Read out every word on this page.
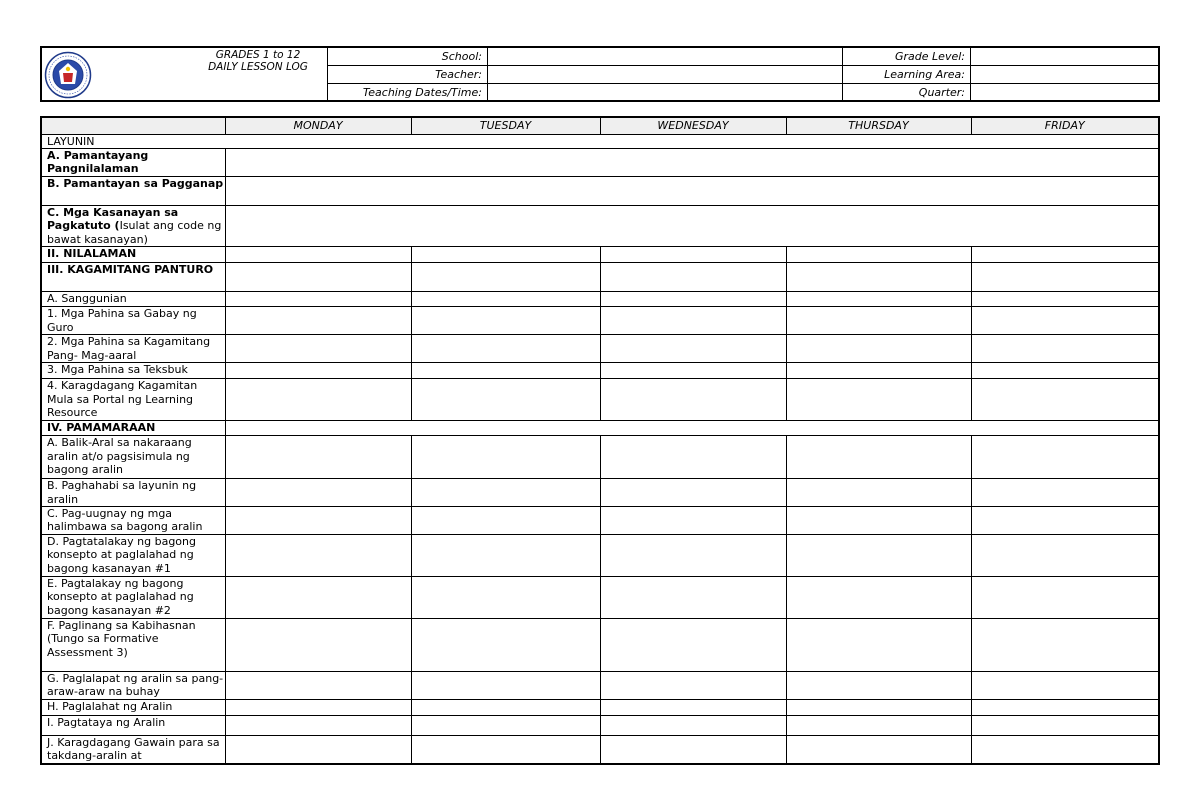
GRADES 1 to 12
DAILY LESSON LOG
School:
Teacher:
Teaching Dates/Time:
Grade Level:
Learning Area:
Quarter:
	MONDAY	TUESDAY	WEDNESDAY	THURSDAY	FRIDAY
LAYUNIN					
A. Pamantayang Pangnilalaman					
B. Pamantayan sa Pagganap					
C. Mga Kasanayan sa Pagkatuto (Isulat ang code ng bawat kasanayan)					
II. NILALAMAN					
III. KAGAMITANG PANTURO					
A. Sanggunian					
1. Mga Pahina sa Gabay ng Guro					
2. Mga Pahina sa Kagamitang Pang- Mag-aaral					
3. Mga Pahina sa Teksbuk					
4. Karagdagang Kagamitan Mula sa Portal ng Learning Resource					
IV. PAMAMARAAN					
A. Balik-Aral sa nakaraang aralin at/o pagsisimula ng bagong aralin					
B. Paghahabi sa layunin ng aralin					
C. Pag-uugnay ng mga halimbawa sa bagong aralin					
D. Pagtatalakay ng bagong konsepto at paglalahad ng bagong kasanayan #1					
E. Pagtalakay ng bagong konsepto at paglalahad ng bagong kasanayan #2					
F. Paglinang sa Kabihasnan (Tungo sa Formative Assessment 3)					
G. Paglalapat ng aralin sa pang-araw-araw na buhay					
H. Paglalahat ng Aralin					
I. Pagtataya ng Aralin					
J. Karagdagang Gawain para sa takdang-aralin at					
